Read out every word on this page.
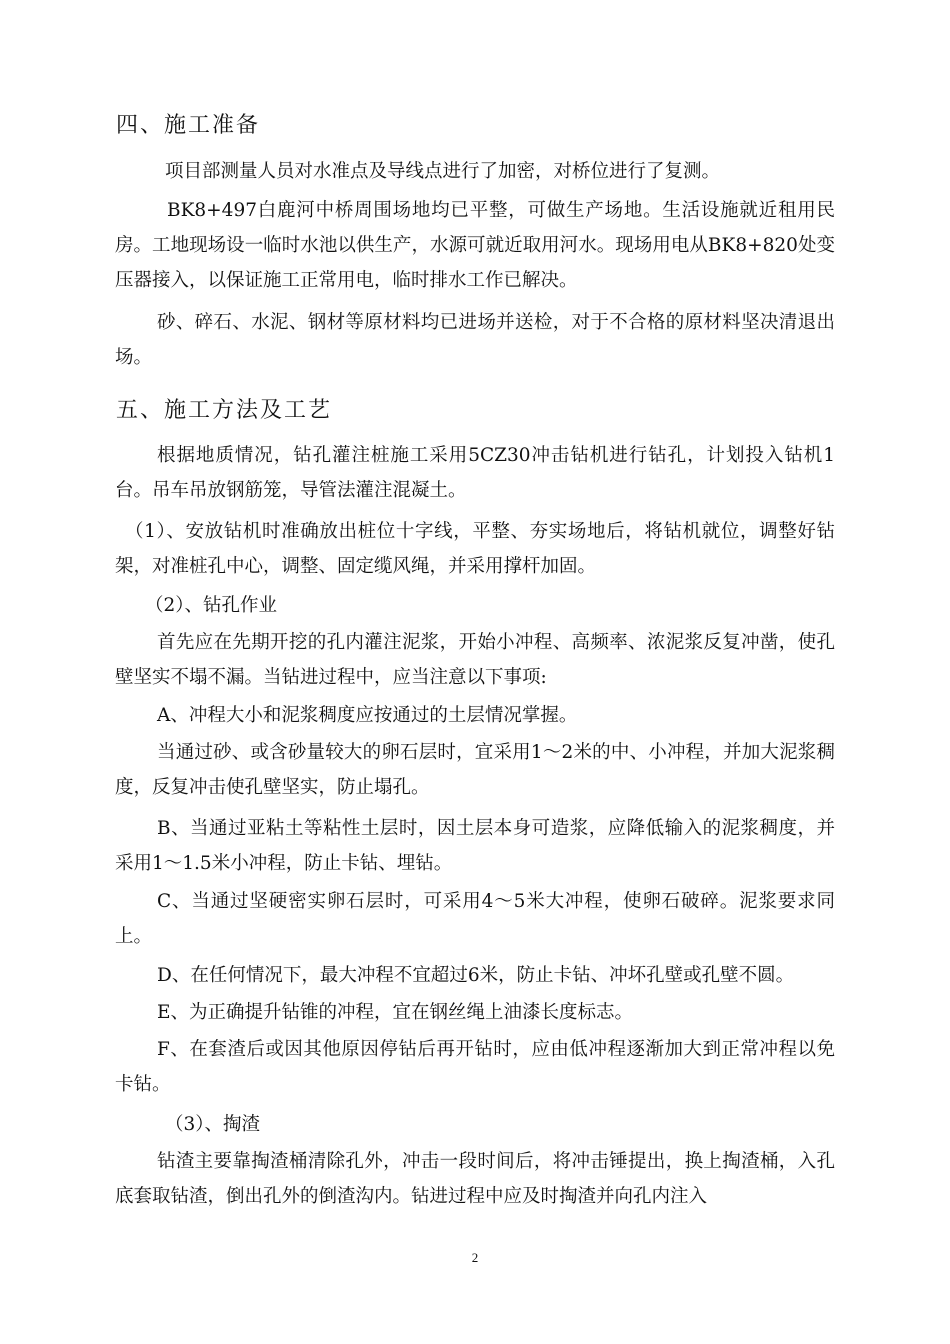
四、施工准备

项目部测量人员对水准点及导线点进行了加密，对桥位进行了复测。

BK8+497白鹿河中桥周围场地均已平整，可做生产场地。生活设施就近租用民房。工地现场设一临时水池以供生产，水源可就近取用河水。现场用电从BK8+820处变压器接入，以保证施工正常用电，临时排水工作已解决。

砂、碎石、水泥、钢材等原材料均已进场并送检，对于不合格的原材料坚决清退出场。

五、施工方法及工艺

根据地质情况，钻孔灌注桩施工采用5CZ30冲击钻机进行钻孔，计划投入钻机1台。吊车吊放钢筋笼，导管法灌注混凝土。

（1）、安放钻机时准确放出桩位十字线，平整、夯实场地后，将钻机就位，调整好钻架，对准桩孔中心，调整、固定缆风绳，并采用撑杆加固。

（2）、钻孔作业

首先应在先期开挖的孔内灌注泥浆，开始小冲程、高频率、浓泥浆反复冲凿，使孔壁坚实不塌不漏。当钻进过程中，应当注意以下事项:

A、冲程大小和泥浆稠度应按通过的土层情况掌握。

当通过砂、或含砂量较大的卵石层时，宜采用1～2米的中、小冲程，并加大泥浆稠度，反复冲击使孔壁坚实，防止塌孔。

B、当通过亚粘土等粘性土层时，因土层本身可造浆，应降低输入的泥浆稠度，并采用1～1.5米小冲程，防止卡钻、埋钻。

C、当通过坚硬密实卵石层时，可采用4～5米大冲程，使卵石破碎。泥浆要求同上。

D、在任何情况下，最大冲程不宜超过6米，防止卡钻、冲坏孔壁或孔壁不圆。

E、为正确提升钻锥的冲程，宜在钢丝绳上油漆长度标志。

F、在套渣后或因其他原因停钻后再开钻时，应由低冲程逐渐加大到正常冲程以免卡钻。

（3）、掏渣

钻渣主要靠掏渣桶清除孔外，冲击一段时间后，将冲击锤提出，换上掏渣桶，入孔底套取钻渣，倒出孔外的倒渣沟内。钻进过程中应及时掏渣并向孔内注入

2
